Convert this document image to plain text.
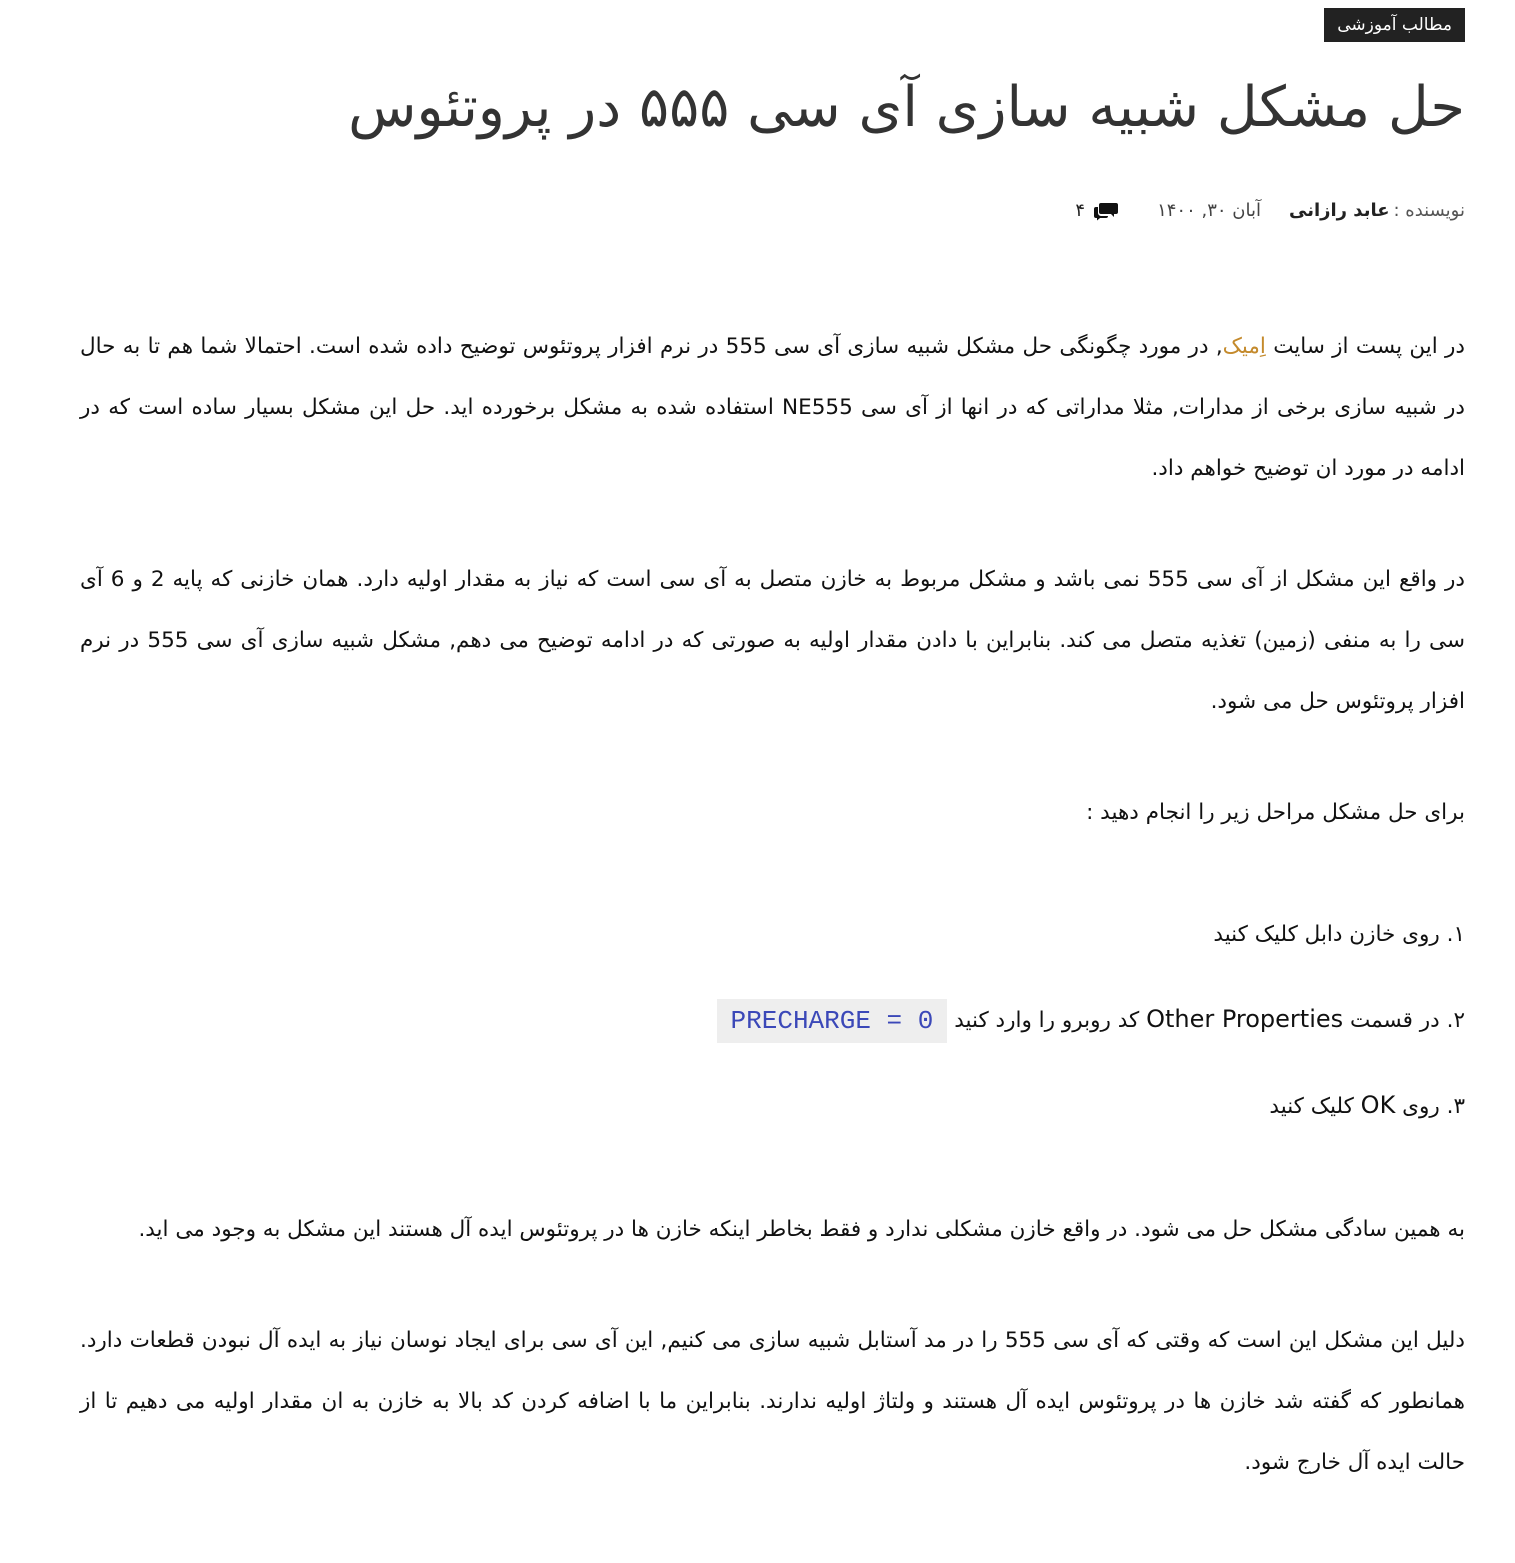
مطالب آموزشی
حل مشکل شبیه سازی آی سی ۵۵۵ در پروتئوس
نویسنده :
عابد رازانی
آبان ۳۰, ۱۴۰۰
۴

در این پست از سایت اِمیک, در مورد چگونگی حل مشکل شبیه سازی آی سی 555 در نرم افزار پروتئوس توضیح داده شده است. احتمالا شما هم تا به حال در شبیه سازی برخی از مدارات, مثلا مداراتی که در انها از آی سی NE555 استفاده شده به مشکل برخورده اید. حل این مشکل بسیار ساده است که در ادامه در مورد ان توضیح خواهم داد.

در واقع این مشکل از آی سی 555 نمی باشد و مشکل مربوط به خازن متصل به آی سی است که نیاز به مقدار اولیه دارد. همان خازنی که پایه 2 و 6 آی سی را به منفی (زمین) تغذیه متصل می کند. بنابراین با دادن مقدار اولیه به صورتی که در ادامه توضیح می دهم, مشکل شبیه سازی آی سی 555 در نرم افزار پروتئوس حل می شود.

برای حل مشکل مراحل زیر را انجام دهید :

۱. روی خازن دابل کلیک کنید
۲. در قسمت Other Properties کد روبرو را وارد کنید PRECHARGE = 0
۳. روی OK کلیک کنید

به همین سادگی مشکل حل می شود. در واقع خازن مشکلی ندارد و فقط بخاطر اینکه خازن ها در پروتئوس ایده آل هستند این مشکل به وجود می اید.

دلیل این مشکل این است که وقتی که آی سی 555 را در مد آستابل شبیه سازی می کنیم, این آی سی برای ایجاد نوسان نیاز به ایده آل نبودن قطعات دارد. همانطور که گفته شد خازن ها در پروتئوس ایده آل هستند و ولتاژ اولیه ندارند. بنابراین ما با اضافه کردن کد بالا به خازن به ان مقدار اولیه می دهیم تا از حالت ایده آل خارج شود.
